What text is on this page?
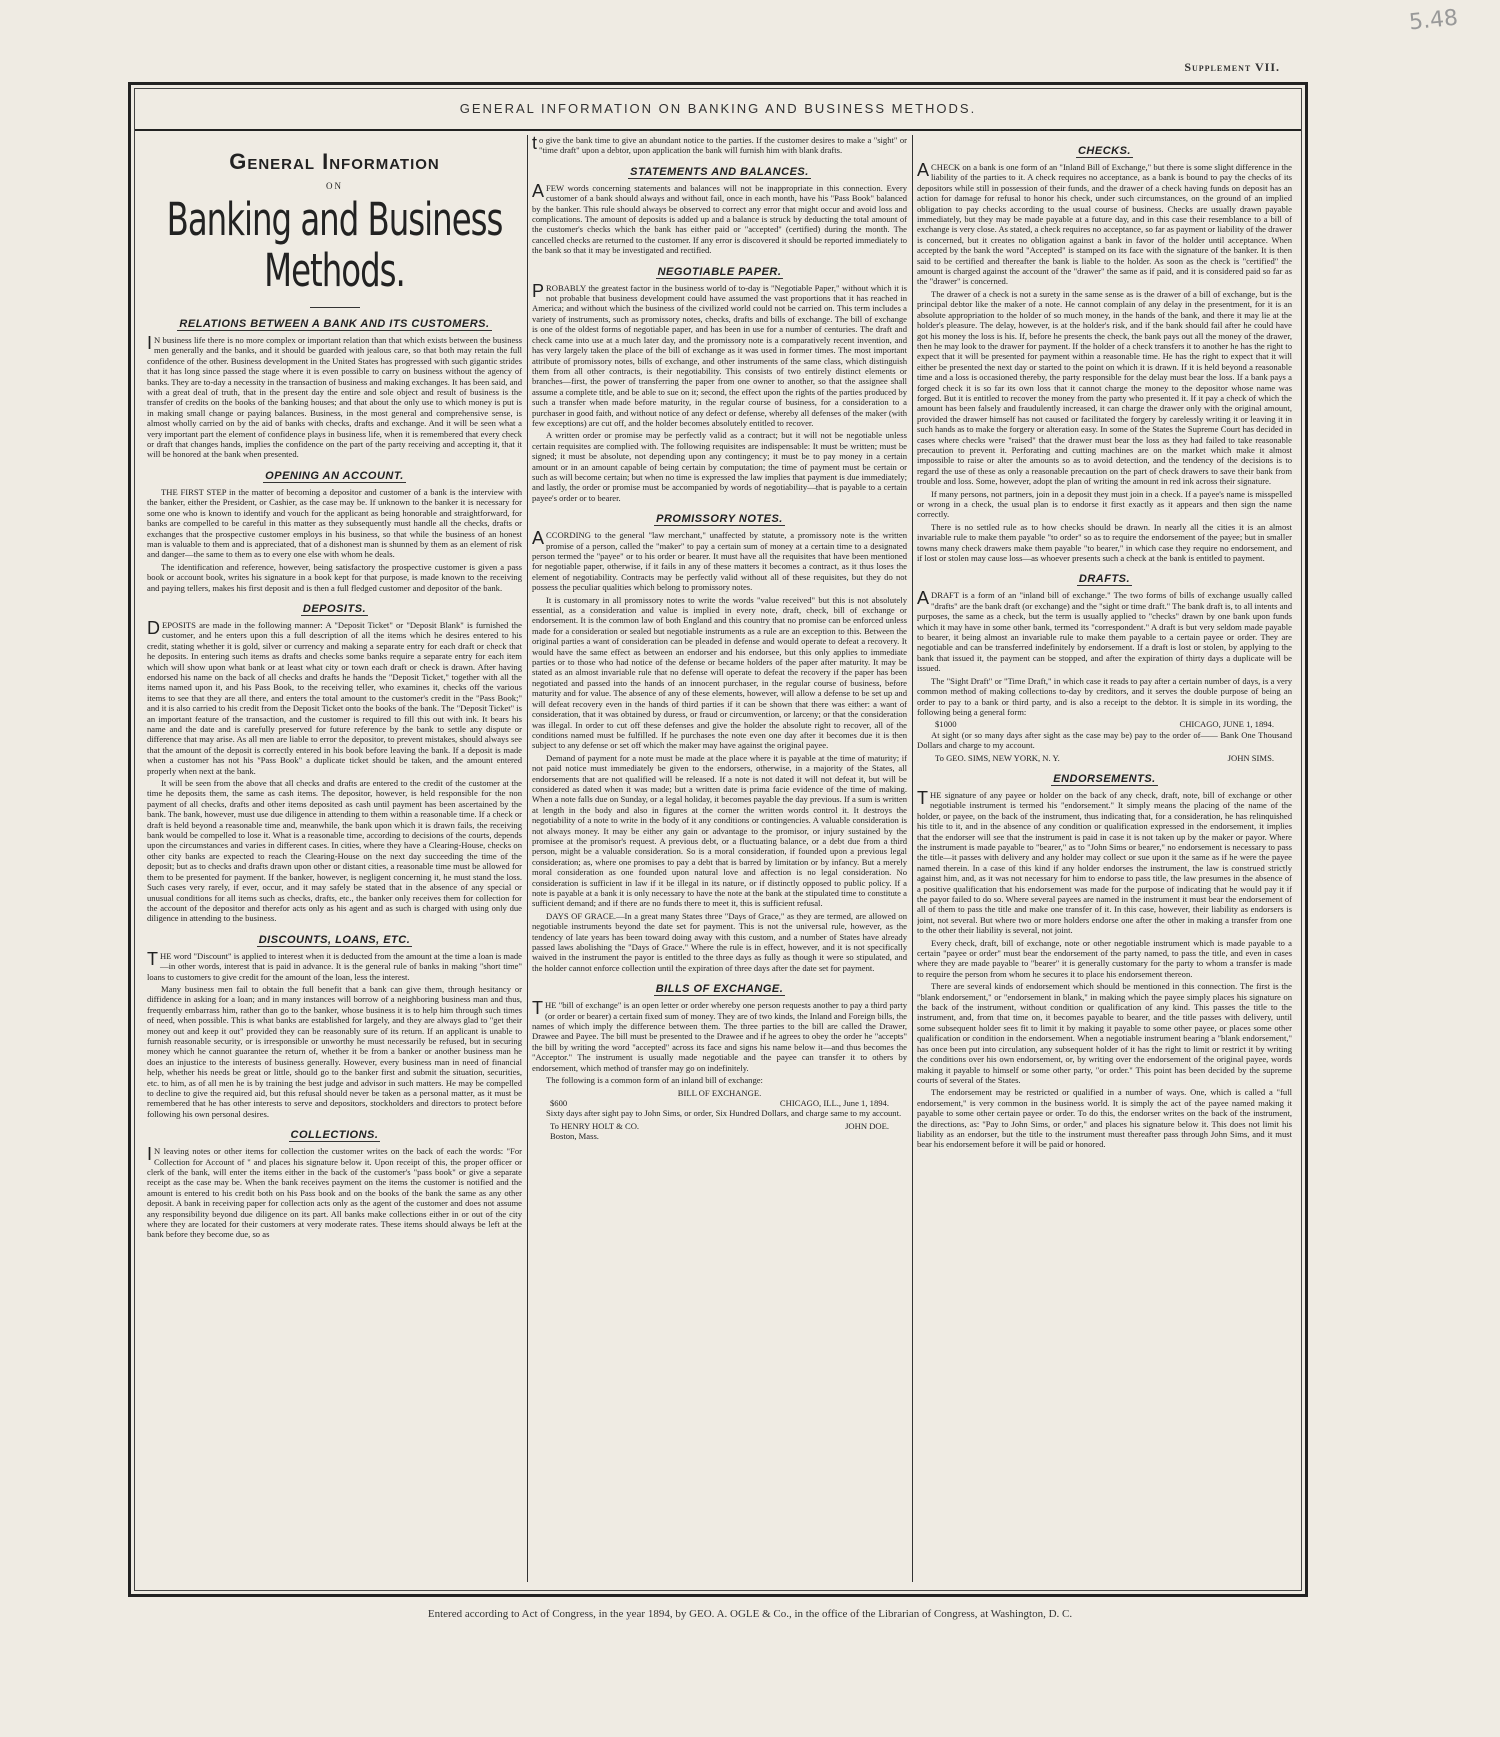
5.48
Supplement VII.
GENERAL INFORMATION ON BANKING AND BUSINESS METHODS.
General Information
ON
Banking and Business Methods.
RELATIONS BETWEEN A BANK AND ITS CUSTOMERS.

IN business life there is no more complex or important relation than that which exists between the business men generally and the banks, and it should be guarded with jealous care, so that both may retain the full confidence of the other. Business development in the United States has progressed with such gigantic strides that it has long since passed the stage where it is even possible to carry on business without the agency of banks. They are to-day a necessity in the transaction of business and making exchanges. It has been said, and with a great deal of truth, that in the present day the entire and sole object and result of business is the transfer of credits on the books of the banking houses; and that about the only use to which money is put is in making small change or paying balances. Business, in the most general and comprehensive sense, is almost wholly carried on by the aid of banks with checks, drafts and exchange. And it will be seen what a very important part the element of confidence plays in business life, when it is remembered that every check or draft that changes hands, implies the confidence on the part of the party receiving and accepting it, that it will be honored at the bank when presented.

OPENING AN ACCOUNT.

THE FIRST STEP in the matter of becoming a depositor and customer of a bank is the interview with the banker, either the President, or Cashier, as the case may be. If unknown to the banker it is necessary for some one who is known to identify and vouch for the applicant as being honorable and straightforward, for banks are compelled to be careful in this matter as they subsequently must handle all the checks, drafts or exchanges that the prospective customer employs in his business, so that while the business of an honest man is valuable to them and is appreciated, that of a dishonest man is shunned by them as an element of risk and danger—the same to them as to every one else with whom he deals.

The identification and reference, however, being satisfactory the prospective customer is given a pass book or account book, writes his signature in a book kept for that purpose, is made known to the receiving and paying tellers, makes his first deposit and is then a full fledged customer and depositor of the bank.

DEPOSITS.

DEPOSITS are made in the following manner: A "Deposit Ticket" or "Deposit Blank" is furnished the customer, and he enters upon this a full description of all the items which he desires entered to his credit, stating whether it is gold, silver or currency and making a separate entry for each draft or check that he deposits. In entering such items as drafts and checks some banks require a separate entry for each item which will show upon what bank or at least what city or town each draft or check is drawn. After having endorsed his name on the back of all checks and drafts he hands the "Deposit Ticket," together with all the items named upon it, and his Pass Book, to the receiving teller, who examines it, checks off the various items to see that they are all there, and enters the total amount to the customer's credit in the "Pass Book;" and it is also carried to his credit from the Deposit Ticket onto the books of the bank. The "Deposit Ticket" is an important feature of the transaction, and the customer is required to fill this out with ink. It bears his name and the date and is carefully preserved for future reference by the bank to settle any dispute or difference that may arise. As all men are liable to error the depositor, to prevent mistakes, should always see that the amount of the deposit is correctly entered in his book before leaving the bank. If a deposit is made when a customer has not his "Pass Book" a duplicate ticket should be taken, and the amount entered properly when next at the bank.

It will be seen from the above that all checks and drafts are entered to the credit of the customer at the time he deposits them, the same as cash items. The depositor, however, is held responsible for the non payment of all checks, drafts and other items deposited as cash until payment has been ascertained by the bank. The bank, however, must use due diligence in attending to them within a reasonable time. If a check or draft is held beyond a reasonable time and, meanwhile, the bank upon which it is drawn fails, the receiving bank would be compelled to lose it. What is a reasonable time, according to decisions of the courts, depends upon the circumstances and varies in different cases. In cities, where they have a Clearing-House, checks on other city banks are expected to reach the Clearing-House on the next day succeeding the time of the deposit; but as to checks and drafts drawn upon other or distant cities, a reasonable time must be allowed for them to be presented for payment. If the banker, however, is negligent concerning it, he must stand the loss. Such cases very rarely, if ever, occur, and it may safely be stated that in the absence of any special or unusual conditions for all items such as checks, drafts, etc., the banker only receives them for collection for the account of the depositor and therefor acts only as his agent and as such is charged with using only due diligence in attending to the business.

DISCOUNTS, LOANS, ETC.

THE word "Discount" is applied to interest when it is deducted from the amount at the time a loan is made—in other words, interest that is paid in advance. It is the general rule of banks in making "short time" loans to customers to give credit for the amount of the loan, less the interest.

Many business men fail to obtain the full benefit that a bank can give them, through hesitancy or diffidence in asking for a loan; and in many instances will borrow of a neighboring business man and thus, frequently embarrass him, rather than go to the banker, whose business it is to help him through such times of need, when possible. This is what banks are established for largely, and they are always glad to "get their money out and keep it out" provided they can be reasonably sure of its return. If an applicant is unable to furnish reasonable security, or is irresponsible or unworthy he must necessarily be refused, but in securing money which he cannot guarantee the return of, whether it be from a banker or another business man he does an injustice to the interests of business generally. However, every business man in need of financial help, whether his needs be great or little, should go to the banker first and submit the situation, securities, etc. to him, as of all men he is by training the best judge and advisor in such matters. He may be compelled to decline to give the required aid, but this refusal should never be taken as a personal matter, as it must be remembered that he has other interests to serve and depositors, stockholders and directors to protect before following his own personal desires.

COLLECTIONS.

IN leaving notes or other items for collection the customer writes on the back of each the words: "For Collection for Account of " and places his signature below it. Upon receipt of this, the proper officer or clerk of the bank, will enter the items either in the back of the customer's "pass book" or give a separate receipt as the case may be. When the bank receives payment on the items the customer is notified and the amount is entered to his credit both on his Pass book and on the books of the bank the same as any other deposit. A bank in receiving paper for collection acts only as the agent of the customer and does not assume any responsibility beyond due diligence on its part. All banks make collections either in or out of the city where they are located for their customers at very moderate rates. These items should always be left at the bank before they become due, so as

to give the bank time to give an abundant notice to the parties. If the customer desires to make a "sight" or "time draft" upon a debtor, upon application the bank will furnish him with blank drafts.

STATEMENTS AND BALANCES.

AFEW words concerning statements and balances will not be inappropriate in this connection. Every customer of a bank should always and without fail, once in each month, have his "Pass Book" balanced by the banker. This rule should always be observed to correct any error that might occur and avoid loss and complications. The amount of deposits is added up and a balance is struck by deducting the total amount of the customer's checks which the bank has either paid or "accepted" (certified) during the month. The cancelled checks are returned to the customer. If any error is discovered it should be reported immediately to the bank so that it may be investigated and rectified.

NEGOTIABLE PAPER.

PROBABLY the greatest factor in the business world of to-day is "Negotiable Paper," without which it is not probable that business development could have assumed the vast proportions that it has reached in America; and without which the business of the civilized world could not be carried on. This term includes a variety of instruments, such as promissory notes, checks, drafts and bills of exchange. The bill of exchange is one of the oldest forms of negotiable paper, and has been in use for a number of centuries. The draft and check came into use at a much later day, and the promissory note is a comparatively recent invention, and has very largely taken the place of the bill of exchange as it was used in former times. The most important attribute of promissory notes, bills of exchange, and other instruments of the same class, which distinguish them from all other contracts, is their negotiability. This consists of two entirely distinct elements or branches—first, the power of transferring the paper from one owner to another, so that the assignee shall assume a complete title, and be able to sue on it; second, the effect upon the rights of the parties produced by such a transfer when made before maturity, in the regular course of business, for a consideration to a purchaser in good faith, and without notice of any defect or defense, whereby all defenses of the maker (with few exceptions) are cut off, and the holder becomes absolutely entitled to recover.

A written order or promise may be perfectly valid as a contract; but it will not be negotiable unless certain requisites are complied with. The following requisites are indispensable: It must be written; must be signed; it must be absolute, not depending upon any contingency; it must be to pay money in a certain amount or in an amount capable of being certain by computation; the time of payment must be certain or such as will become certain; but when no time is expressed the law implies that payment is due immediately; and lastly, the order or promise must be accompanied by words of negotiability—that is payable to a certain payee's order or to bearer.

PROMISSORY NOTES.

ACCORDING to the general "law merchant," unaffected by statute, a promissory note is the written promise of a person, called the "maker" to pay a certain sum of money at a certain time to a designated person termed the "payee" or to his order or bearer. It must have all the requisites that have been mentioned for negotiable paper, otherwise, if it fails in any of these matters it becomes a contract, as it thus loses the element of negotiability. Contracts may be perfectly valid without all of these requisites, but they do not possess the peculiar qualities which belong to promissory notes.

It is customary in all promissory notes to write the words "value received" but this is not absolutely essential, as a consideration and value is implied in every note, draft, check, bill of exchange or endorsement. It is the common law of both England and this country that no promise can be enforced unless made for a consideration or sealed but negotiable instruments as a rule are an exception to this. Between the original parties a want of consideration can be pleaded in defense and would operate to defeat a recovery. It would have the same effect as between an endorser and his endorsee, but this only applies to immediate parties or to those who had notice of the defense or became holders of the paper after maturity. It may be stated as an almost invariable rule that no defense will operate to defeat the recovery if the paper has been negotiated and passed into the hands of an innocent purchaser, in the regular course of business, before maturity and for value. The absence of any of these elements, however, will allow a defense to be set up and will defeat recovery even in the hands of third parties if it can be shown that there was either: a want of consideration, that it was obtained by duress, or fraud or circumvention, or larceny; or that the consideration was illegal. In order to cut off these defenses and give the holder the absolute right to recover, all of the conditions named must be fulfilled. If he purchases the note even one day after it becomes due it is then subject to any defense or set off which the maker may have against the original payee.

Demand of payment for a note must be made at the place where it is payable at the time of maturity; if not paid notice must immediately be given to the endorsers, otherwise, in a majority of the States, all endorsements that are not qualified will be released. If a note is not dated it will not defeat it, but will be considered as dated when it was made; but a written date is prima facie evidence of the time of making. When a note falls due on Sunday, or a legal holiday, it becomes payable the day previous. If a sum is written at length in the body and also in figures at the corner the written words control it. It destroys the negotiability of a note to write in the body of it any conditions or contingencies. A valuable consideration is not always money. It may be either any gain or advantage to the promisor, or injury sustained by the promisee at the promisor's request. A previous debt, or a fluctuating balance, or a debt due from a third person, might be a valuable consideration. So is a moral consideration, if founded upon a previous legal consideration; as, where one promises to pay a debt that is barred by limitation or by infancy. But a merely moral consideration as one founded upon natural love and affection is no legal consideration. No consideration is sufficient in law if it be illegal in its nature, or if distinctly opposed to public policy. If a note is payable at a bank it is only necessary to have the note at the bank at the stipulated time to constitute a sufficient demand; and if there are no funds there to meet it, this is sufficient refusal.

DAYS OF GRACE.—In a great many States three "Days of Grace," as they are termed, are allowed on negotiable instruments beyond the date set for payment. This is not the universal rule, however, as the tendency of late years has been toward doing away with this custom, and a number of States have already passed laws abolishing the "Days of Grace." Where the rule is in effect, however, and it is not specifically waived in the instrument the payor is entitled to the three days as fully as though it were so stipulated, and the holder cannot enforce collection until the expiration of three days after the date set for payment.

BILLS OF EXCHANGE.

THE "bill of exchange" is an open letter or order whereby one person requests another to pay a third party (or order or bearer) a certain fixed sum of money. They are of two kinds, the Inland and Foreign bills, the names of which imply the difference between them. The three parties to the bill are called the Drawer, Drawee and Payee. The bill must be presented to the Drawee and if he agrees to obey the order he "accepts" the bill by writing the word "accepted" across its face and signs his name below it—and thus becomes the "Acceptor." The instrument is usually made negotiable and the payee can transfer it to others by endorsement, which method of transfer may go on indefinitely.

The following is a common form of an inland bill of exchange:

BILL OF EXCHANGE.
$600	CHICAGO, ILL., June 1, 1894.

Sixty days after sight pay to John Sims, or order, Six Hundred Dollars, and charge same to my account.

To HENRY HOLT & CO.	JOHN DOE.
Boston, Mass.
CHECKS.

ACHECK on a bank is one form of an "Inland Bill of Exchange," but there is some slight difference in the liability of the parties to it. A check requires no acceptance, as a bank is bound to pay the checks of its depositors while still in possession of their funds, and the drawer of a check having funds on deposit has an action for damage for refusal to honor his check, under such circumstances, on the ground of an implied obligation to pay checks according to the usual course of business. Checks are usually drawn payable immediately, but they may be made payable at a future day, and in this case their resemblance to a bill of exchange is very close. As stated, a check requires no acceptance, so far as payment or liability of the drawer is concerned, but it creates no obligation against a bank in favor of the holder until acceptance. When accepted by the bank the word "Accepted" is stamped on its face with the signature of the banker. It is then said to be certified and thereafter the bank is liable to the holder. As soon as the check is "certified" the amount is charged against the account of the "drawer" the same as if paid, and it is considered paid so far as the "drawer" is concerned.

The drawer of a check is not a surety in the same sense as is the drawer of a bill of exchange, but is the principal debtor like the maker of a note. He cannot complain of any delay in the presentment, for it is an absolute appropriation to the holder of so much money, in the hands of the bank, and there it may lie at the holder's pleasure. The delay, however, is at the holder's risk, and if the bank should fail after he could have got his money the loss is his. If, before he presents the check, the bank pays out all the money of the drawer, then he may look to the drawer for payment. If the holder of a check transfers it to another he has the right to expect that it will be presented for payment within a reasonable time. He has the right to expect that it will either be presented the next day or started to the point on which it is drawn. If it is held beyond a reasonable time and a loss is occasioned thereby, the party responsible for the delay must bear the loss. If a bank pays a forged check it is so far its own loss that it cannot charge the money to the depositor whose name was forged. But it is entitled to recover the money from the party who presented it. If it pay a check of which the amount has been falsely and fraudulently increased, it can charge the drawer only with the original amount, provided the drawer himself has not caused or facilitated the forgery by carelessly writing it or leaving it in such hands as to make the forgery or alteration easy. In some of the States the Supreme Court has decided in cases where checks were "raised" that the drawer must bear the loss as they had failed to take reasonable precaution to prevent it. Perforating and cutting machines are on the market which make it almost impossible to raise or alter the amounts so as to avoid detection, and the tendency of the decisions is to regard the use of these as only a reasonable precaution on the part of check drawers to save their bank from trouble and loss. Some, however, adopt the plan of writing the amount in red ink across their signature.

If many persons, not partners, join in a deposit they must join in a check. If a payee's name is misspelled or wrong in a check, the usual plan is to endorse it first exactly as it appears and then sign the name correctly.

There is no settled rule as to how checks should be drawn. In nearly all the cities it is an almost invariable rule to make them payable "to order" so as to require the endorsement of the payee; but in smaller towns many check drawers make them payable "to bearer," in which case they require no endorsement, and if lost or stolen may cause loss—as whoever presents such a check at the bank is entitled to payment.

DRAFTS.

ADRAFT is a form of an "inland bill of exchange." The two forms of bills of exchange usually called "drafts" are the bank draft (or exchange) and the "sight or time draft." The bank draft is, to all intents and purposes, the same as a check, but the term is usually applied to "checks" drawn by one bank upon funds which it may have in some other bank, termed its "correspondent." A draft is but very seldom made payable to bearer, it being almost an invariable rule to make them payable to a certain payee or order. They are negotiable and can be transferred indefinitely by endorsement. If a draft is lost or stolen, by applying to the bank that issued it, the payment can be stopped, and after the expiration of thirty days a duplicate will be issued.

The "Sight Draft" or "Time Draft," in which case it reads to pay after a certain number of days, is a very common method of making collections to-day by creditors, and it serves the double purpose of being an order to pay to a bank or third party, and is also a receipt to the debtor. It is simple in its wording, the following being a general form:

$1000	CHICAGO, JUNE 1, 1894.

At sight (or so many days after sight as the case may be) pay to the order of—— Bank One Thousand Dollars and charge to my account.

To GEO. SIMS, NEW YORK, N. Y.	JOHN SIMS.
ENDORSEMENTS.

THE signature of any payee or holder on the back of any check, draft, note, bill of exchange or other negotiable instrument is termed his "endorsement." It simply means the placing of the name of the holder, or payee, on the back of the instrument, thus indicating that, for a consideration, he has relinquished his title to it, and in the absence of any condition or qualification expressed in the endorsement, it implies that the endorser will see that the instrument is paid in case it is not taken up by the maker or payor. Where the instrument is made payable to "bearer," as to "John Sims or bearer," no endorsement is necessary to pass the title—it passes with delivery and any holder may collect or sue upon it the same as if he were the payee named therein. In a case of this kind if any holder endorses the instrument, the law is construed strictly against him, and, as it was not necessary for him to endorse to pass title, the law presumes in the absence of a positive qualification that his endorsement was made for the purpose of indicating that he would pay it if the payor failed to do so. Where several payees are named in the instrument it must bear the endorsement of all of them to pass the title and make one transfer of it. In this case, however, their liability as endorsers is joint, not several. But where two or more holders endorse one after the other in making a transfer from one to the other their liability is several, not joint.

Every check, draft, bill of exchange, note or other negotiable instrument which is made payable to a certain "payee or order" must bear the endorsement of the party named, to pass the title, and even in cases where they are made payable to "bearer" it is generally customary for the party to whom a transfer is made to require the person from whom he secures it to place his endorsement thereon.

There are several kinds of endorsement which should be mentioned in this connection. The first is the "blank endorsement," or "endorsement in blank," in making which the payee simply places his signature on the back of the instrument, without condition or qualification of any kind. This passes the title to the instrument, and, from that time on, it becomes payable to bearer, and the title passes with delivery, until some subsequent holder sees fit to limit it by making it payable to some other payee, or places some other qualification or condition in the endorsement. When a negotiable instrument bearing a "blank endorsement," has once been put into circulation, any subsequent holder of it has the right to limit or restrict it by writing the conditions over his own endorsement, or, by writing over the endorsement of the original payee, words making it payable to himself or some other party, "or order." This point has been decided by the supreme courts of several of the States.

The endorsement may be restricted or qualified in a number of ways. One, which is called a "full endorsement," is very common in the business world. It is simply the act of the payee named making it payable to some other certain payee or order. To do this, the endorser writes on the back of the instrument, the directions, as: "Pay to John Sims, or order," and places his signature below it. This does not limit his liability as an endorser, but the title to the instrument must thereafter pass through John Sims, and it must bear his endorsement before it will be paid or honored.

Entered according to Act of Congress, in the year 1894, by GEO. A. OGLE & Co., in the office of the Librarian of Congress, at Washington, D. C.
